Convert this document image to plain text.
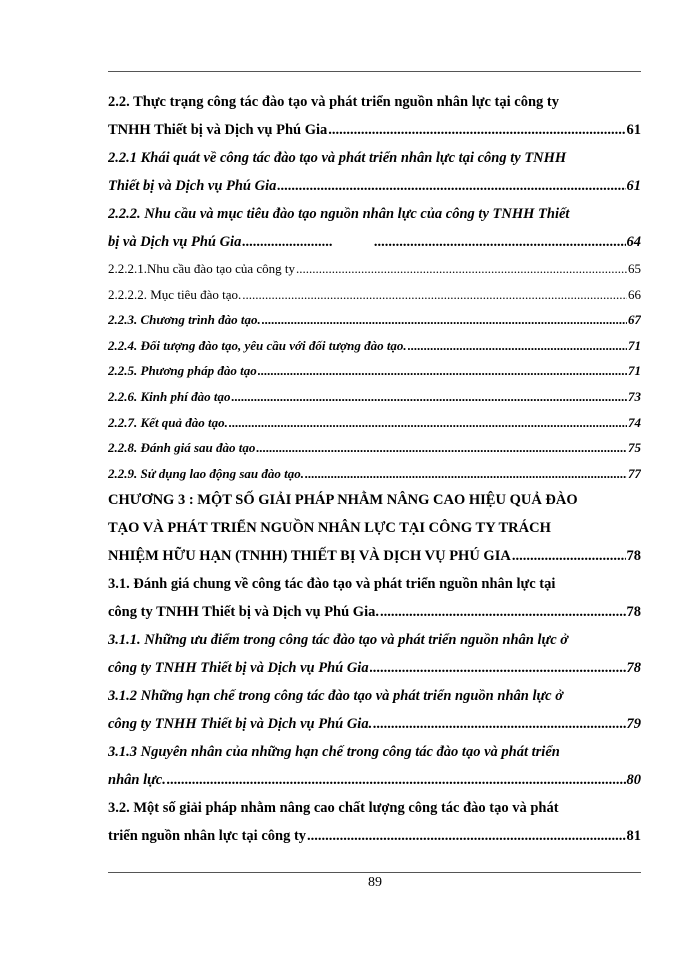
2.2. Thực trạng công tác đào tạo và phát triển nguồn nhân lực tại công ty
TNHH Thiết bị và Dịch vụ Phú Gia .....	61
2.2.1 Khái quát về công tác đào tạo và phát triển nhân lực tại công ty TNHH
Thiết bị và Dịch vụ Phú Gia .....	61
2.2.2. Nhu cầu và mục tiêu đào tạo nguồn nhân lực của công ty TNHH Thiết
bị và Dịch vụ Phú Gia ..... .....	64
2.2.2.1.Nhu cầu đào tạo của công ty .....	65
2.2.2.2. Mục tiêu đào tạo. .....	66
2.2.3. Chương trình đào tạo. .....	67
2.2.4. Đối tượng đào tạo, yêu cầu với đối tượng đào tạo. .....	71
2.2.5. Phương pháp đào tạo .....	71
2.2.6. Kinh phí đào tạo .....	73
2.2.7. Kết quả đào tạo. .....	74
2.2.8. Đánh giá sau đào tạo .....	75
2.2.9. Sử dụng lao động sau đào tạo. .....	77
CHƯƠNG 3 : MỘT SỐ GIẢI PHÁP NHẰM NÂNG CAO HIỆU QUẢ ĐÀO
TẠO VÀ PHÁT TRIỂN NGUỒN NHÂN LỰC TẠI CÔNG TY TRÁCH
NHIỆM HỮU HẠN (TNHH) THIẾT BỊ VÀ DỊCH VỤ PHÚ GIA .....	78
3.1. Đánh giá chung về công tác đào tạo và phát triển nguồn nhân lực tại
công ty TNHH Thiết bị và Dịch vụ Phú Gia. .....	78
3.1.1. Những ưu điểm trong công tác đào tạo và phát triển nguồn nhân lực ở
công ty TNHH Thiết bị và Dịch vụ Phú Gia .....	78
3.1.2 Những hạn chế trong công tác đào tạo và phát triển nguồn nhân lực ở
công ty TNHH Thiết bị và Dịch vụ Phú Gia. .....	79
3.1.3 Nguyên nhân của những hạn chế trong công tác đào tạo và phát triển
nhân lực. .....	80
3.2. Một số giải pháp nhằm nâng cao chất lượng công tác đào tạo và phát
triển nguồn nhân lực tại công ty .....	81
89
